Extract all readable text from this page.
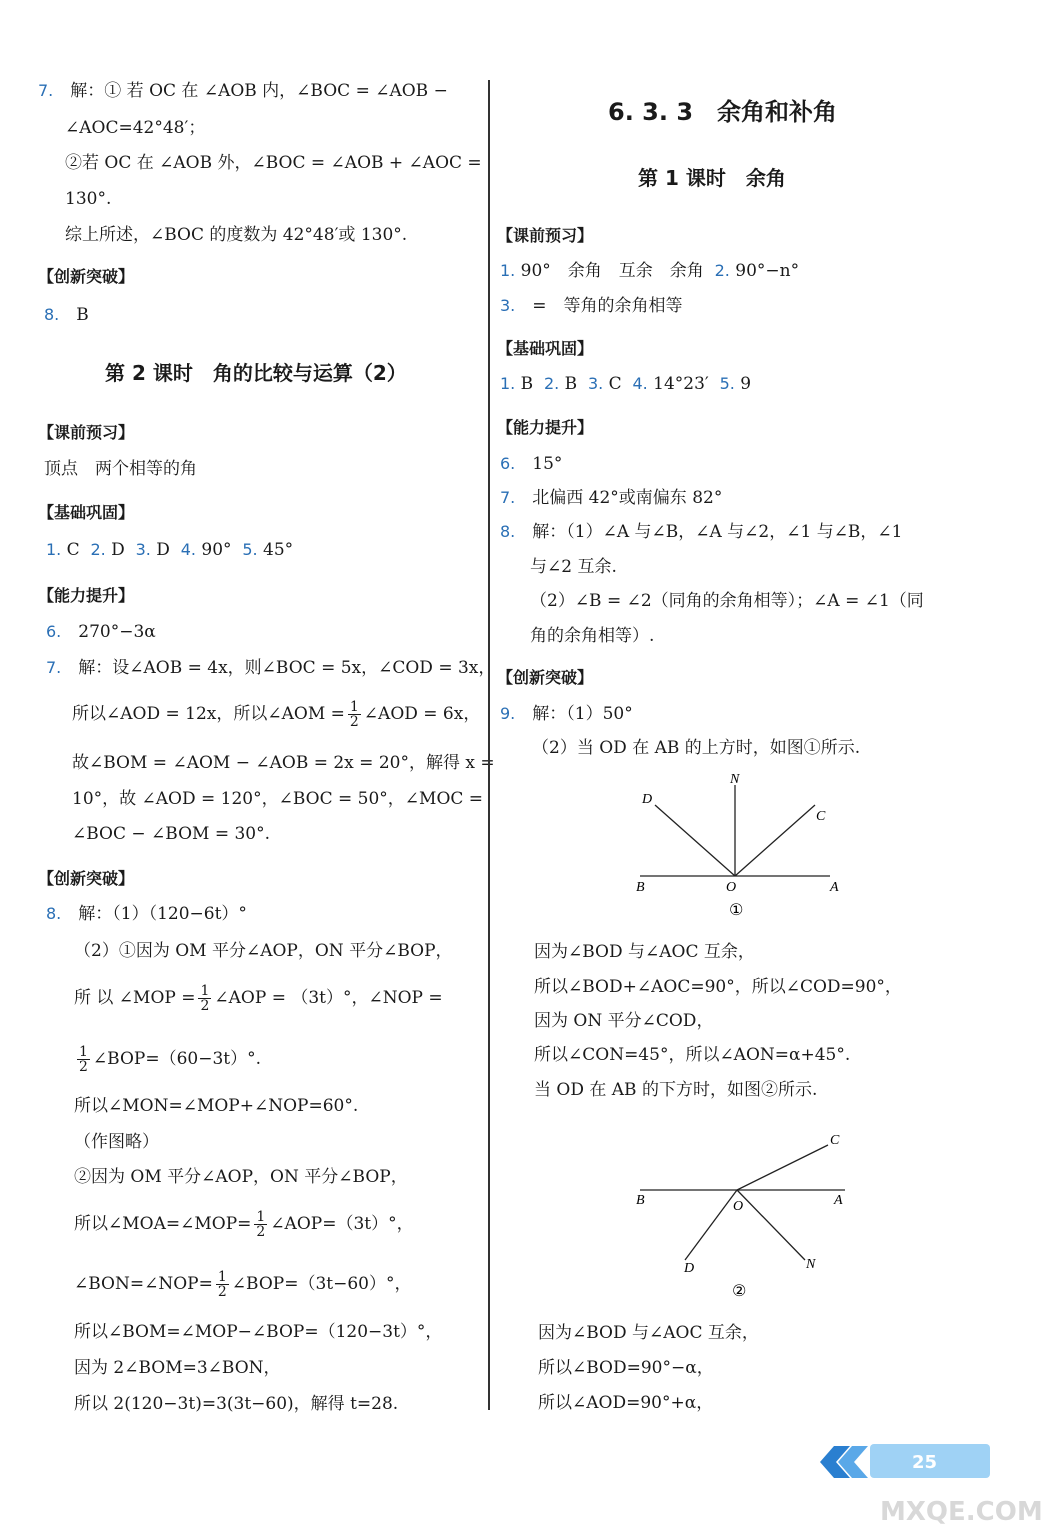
7.　 解：① 若 OC 在 ∠AOB 内，∠BOC = ∠AOB −
∠AOC=42°48′；
②若 OC 在 ∠AOB 外，∠BOC = ∠AOB + ∠AOC =
130°.
综上所述，∠BOC 的度数为 42°48′或 130°.
【创新突破】
8.　 B
第 2 课时　角的比较与运算（2）
【课前预习】
顶点　两个相等的角
【基础巩固】
1. C 2. D 3. D 4. 90° 5. 45°
【能力提升】
6.　 270°−3α
7.　 解：设∠AOB = 4x，则∠BOC = 5x，∠COD = 3x，
所以∠AOD = 12x，所以∠AOM = $\frac{1}{2}$ ∠AOD = 6x，
故∠BOM = ∠AOM − ∠AOB = 2x = 20°，解得 x =
10°，故 ∠AOD = 120°，∠BOC = 50°，∠MOC =
∠BOC − ∠BOM = 30°.
【创新突破】
8.　 解：（1）（120−6t）°
（2）①因为 OM 平分∠AOP，ON 平分∠BOP，
所 以 ∠MOP = $\frac{1}{2}$ ∠AOP = （3t）°，∠NOP =
$\frac{1}{2}$ ∠BOP=（60−3t）°.
所以∠MON=∠MOP+∠NOP=60°.
（作图略）
②因为 OM 平分∠AOP，ON 平分∠BOP，
所以∠MOA=∠MOP= $\frac{1}{2}$ ∠AOP=（3t）°，
∠BON=∠NOP= $\frac{1}{2}$ ∠BOP=（3t−60）°，
所以∠BOM=∠MOP−∠BOP=（120−3t）°，
因为 2∠BOM=3∠BON，
所以 2(120−3t)=3(3t−60)，解得 t=28.
6. 3. 3　余角和补角
第 1 课时　余角
【课前预习】
1. 90°　余角　互余　余角 2. 90°−n°
3.　 =　等角的余角相等
【基础巩固】
1. B 2. B 3. C 4. 14°23′ 5. 9
【能力提升】
6.　 15°
7.　 北偏西 42°或南偏东 82°
8.　 解：（1）∠A 与∠B，∠A 与∠2，∠1 与∠B，∠1
与∠2 互余.
（2）∠B = ∠2（同角的余角相等）；∠A = ∠1（同
角的余角相等）.
【创新突破】
9.　 解：（1）50°
（2）当 OD 在 AB 的上方时，如图①所示.
B	O	A
N
D
C
①
因为∠BOD 与∠AOC 互余，
所以∠BOD+∠AOC=90°，所以∠COD=90°，
因为 ON 平分∠COD，
所以∠CON=45°，所以∠AON=α+45°.
当 OD 在 AB 的下方时，如图②所示.
B	O	A
C
D	N
②
因为∠BOD 与∠AOC 互余，
所以∠BOD=90°−α，
所以∠AOD=90°+α，
25
MXQE.COM
